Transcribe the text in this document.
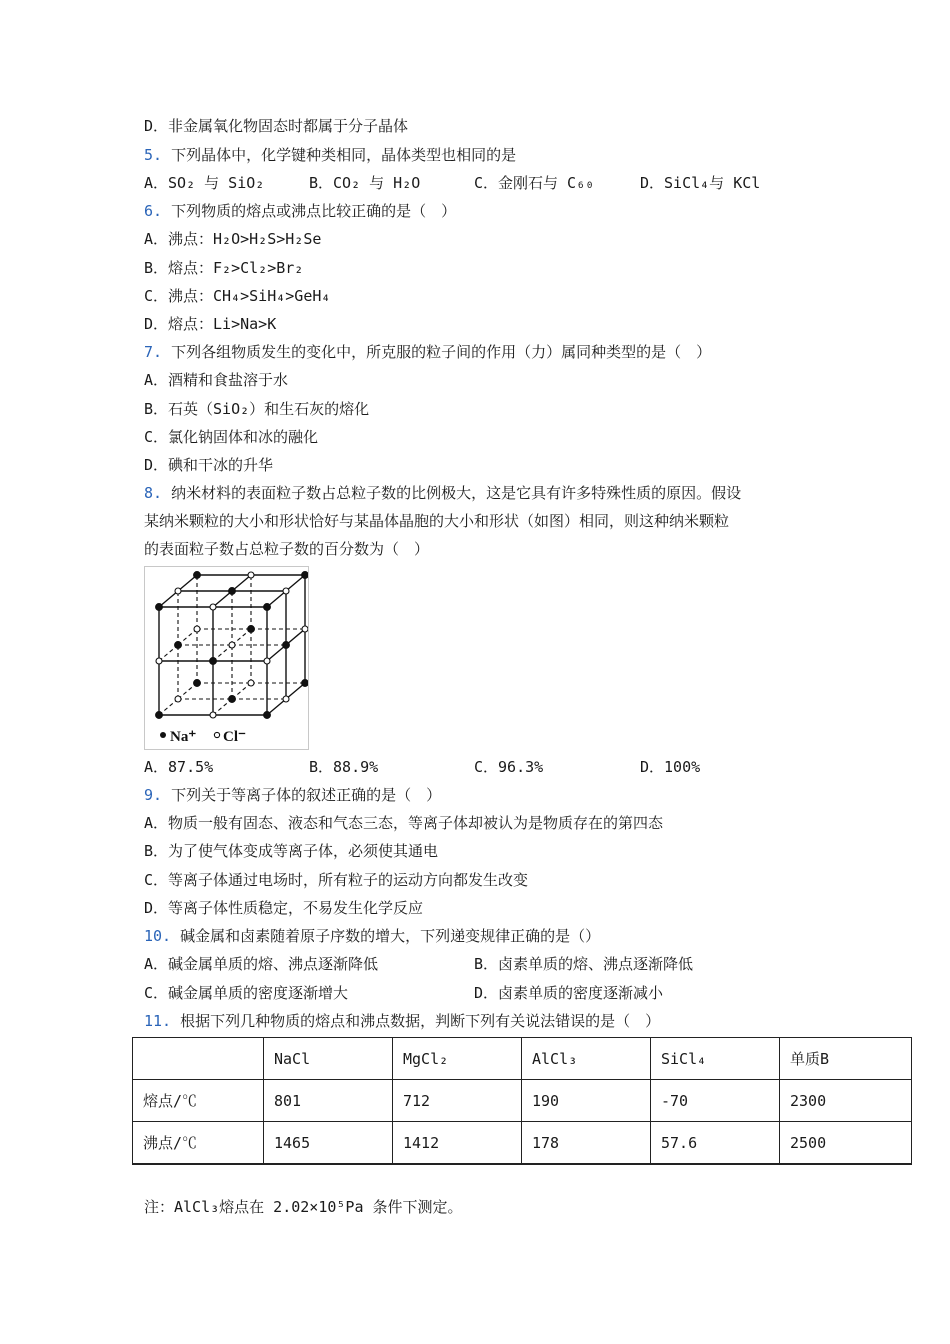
D．非金属氧化物固态时都属于分子晶体
5. 下列晶体中，化学键种类相同，晶体类型也相同的是
A．SO₂ 与 SiO₂	B．CO₂ 与 H₂O	C．金刚石与 C₆₀	D．SiCl₄与 KCl
6. 下列物质的熔点或沸点比较正确的是（　）
A．沸点：H₂O>H₂S>H₂Se
B．熔点：F₂>Cl₂>Br₂
C．沸点：CH₄>SiH₄>GeH₄
D．熔点：Li>Na>K
7. 下列各组物质发生的变化中，所克服的粒子间的作用（力）属同种类型的是（　）
A．酒精和食盐溶于水
B．石英（SiO₂）和生石灰的熔化
C．氯化钠固体和冰的融化
D．碘和干冰的升华
8. 纳米材料的表面粒子数占总粒子数的比例极大，这是它具有许多特殊性质的原因。假设
某纳米颗粒的大小和形状恰好与某晶体晶胞的大小和形状（如图）相同，则这种纳米颗粒
的表面粒子数占总粒子数的百分数为（　）
Na⁺ Cl⁻
A．87.5%	B．88.9%	C．96.3%	D．100%
9. 下列关于等离子体的叙述正确的是（　）
A．物质一般有固态、液态和气态三态，等离子体却被认为是物质存在的第四态
B．为了使气体变成等离子体，必须使其通电
C．等离子体通过电场时，所有粒子的运动方向都发生改变
D．等离子体性质稳定，不易发生化学反应
10. 碱金属和卤素随着原子序数的增大，下列递变规律正确的是（）
A．碱金属单质的熔、沸点逐渐降低	B．卤素单质的熔、沸点逐渐降低
C．碱金属单质的密度逐渐增大	D．卤素单质的密度逐渐减小
11. 根据下列几种物质的熔点和沸点数据，判断下列有关说法错误的是（　）
	NaCl	MgCl₂	AlCl₃	SiCl₄	单质B
熔点/℃	801	712	190	-70	2300
沸点/℃	1465	1412	178	57.6	2500
注：AlCl₃熔点在 2.02×10⁵Pa 条件下测定。
